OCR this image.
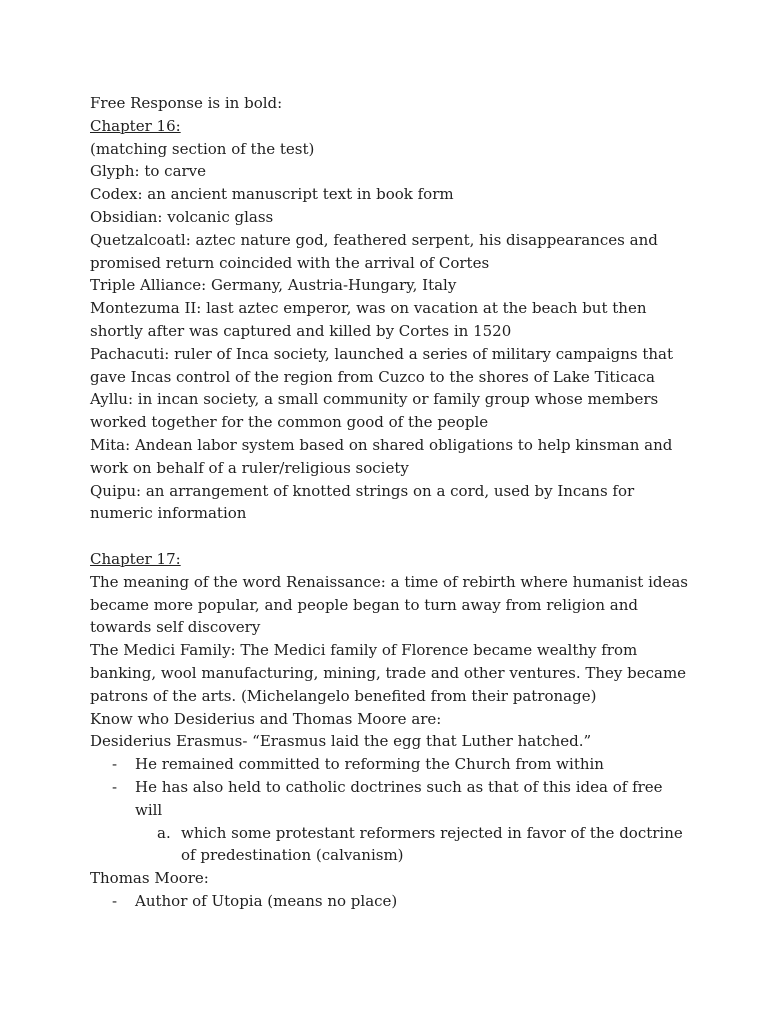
Free Response is in bold:

Chapter 16:

(matching section of the test)

Glyph: to carve

Codex: an ancient manuscript text in book form

Obsidian: volcanic glass

Quetzalcoatl: aztec nature god, feathered serpent, his disappearances and promised return coincided with the arrival of Cortes

Triple Alliance: Germany, Austria-Hungary, Italy

Montezuma II: last aztec emperor, was on vacation at the beach but then shortly after was captured and killed by Cortes in 1520

Pachacuti: ruler of Inca society, launched a series of military campaigns that gave Incas control of the region from Cuzco to the shores of Lake Titicaca

Ayllu: in incan society, a small community or family group whose members worked together for the common good of the people

Mita: Andean labor system based on shared obligations to help kinsman and work on behalf of a ruler/religious society

Quipu: an arrangement of knotted strings on a cord, used by Incans for numeric information

Chapter 17:

The meaning of the word Renaissance: a time of rebirth where humanist ideas became more popular, and people began to turn away from religion and towards self discovery

The Medici Family: The Medici family of Florence became wealthy from banking, wool manufacturing, mining, trade and other ventures. They became patrons of the arts. (Michelangelo benefited from their patronage)

Know who Desiderius and Thomas Moore are:

Desiderius Erasmus- “Erasmus laid the egg that Luther hatched.”

- He remained committed to reforming the Church from within
- He has also held to catholic doctrines such as that of this idea of free will
a. which some protestant reformers rejected in favor of the doctrine of predestination (calvanism)

Thomas Moore:

- Author of Utopia (means no place)
